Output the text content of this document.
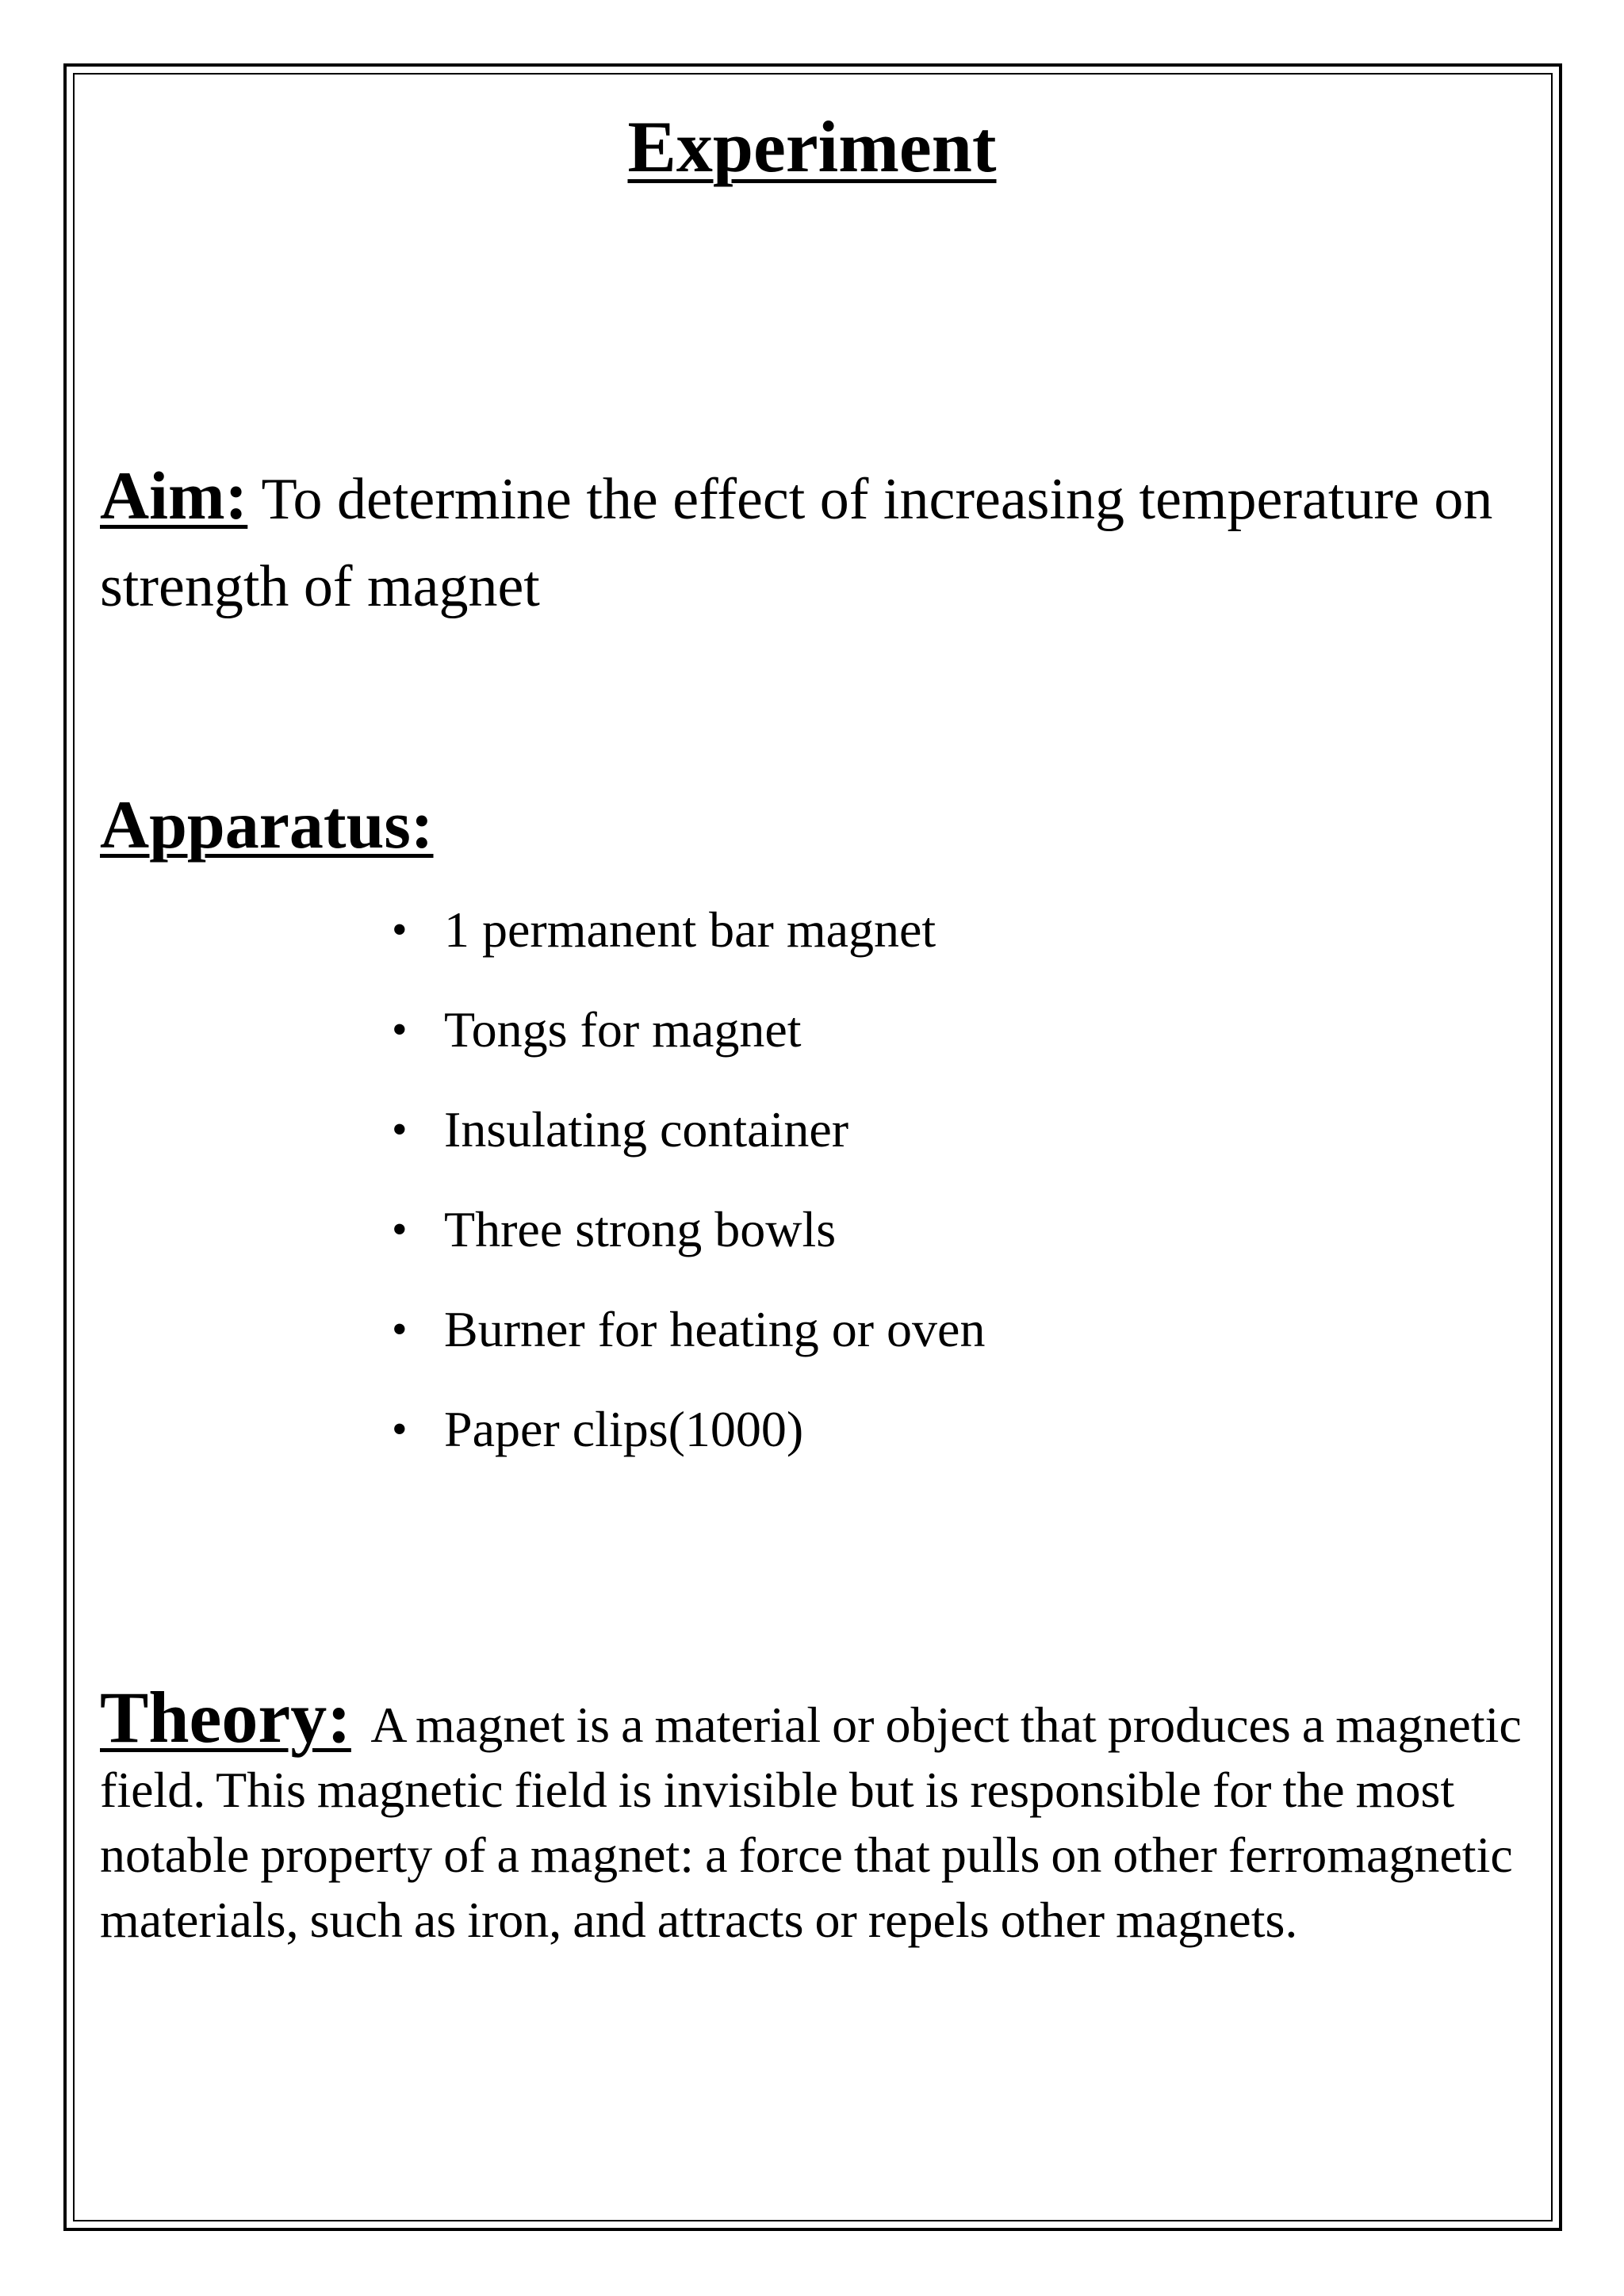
Experiment
Aim: To determine the effect of increasing temperature on strength of magnet
Apparatus:
• 1 permanent bar magnet
• Tongs for magnet
• Insulating container
• Three strong bowls
• Burner for heating or oven
• Paper clips(1000)
Theory: A magnet is a material or object that produces a magnetic field. This magnetic field is invisible but is responsible for the most notable property of a magnet: a force that pulls on other ferromagnetic materials, such as iron, and attracts or repels other magnets.
